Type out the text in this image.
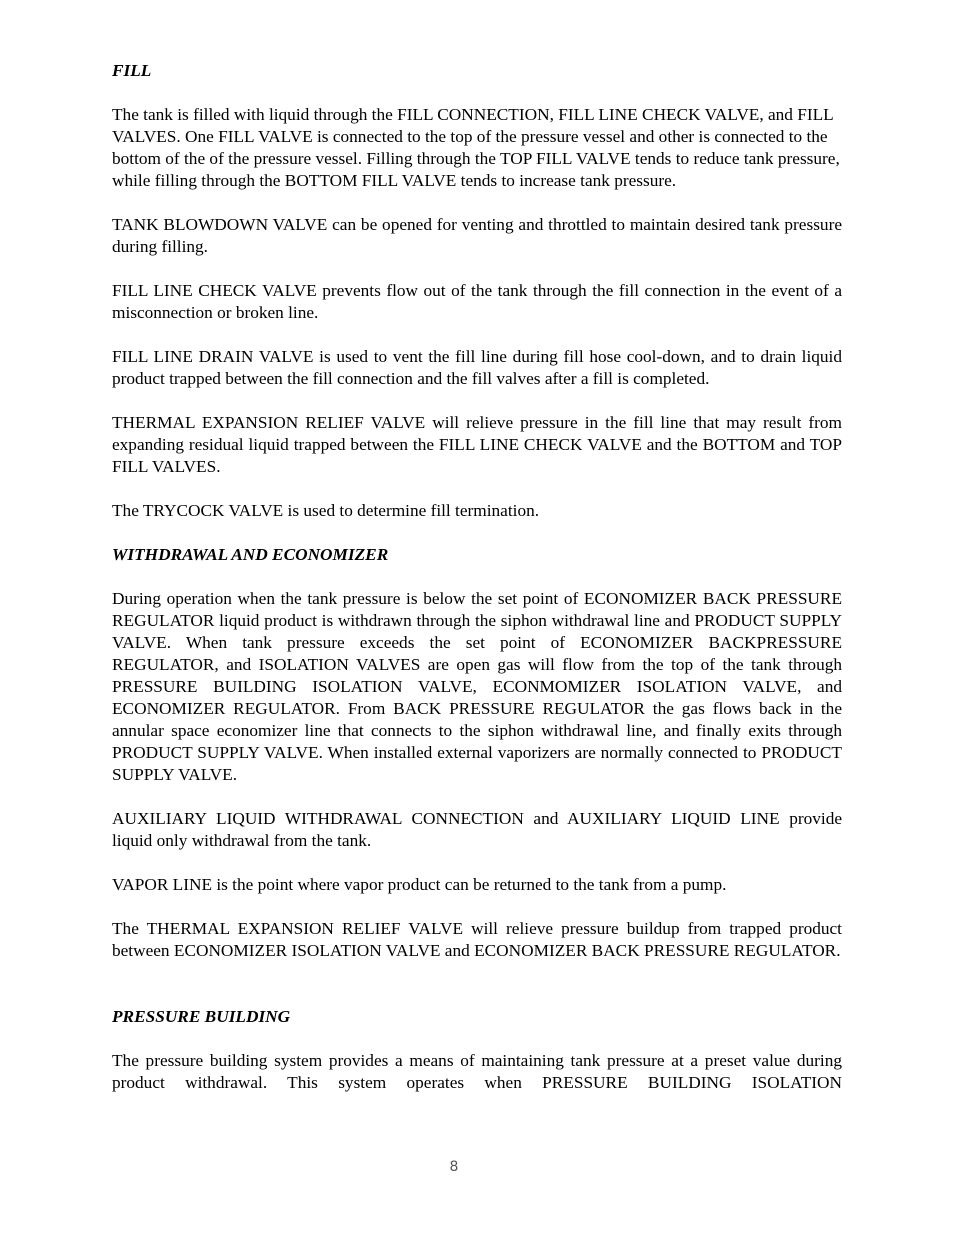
FILL

The tank is filled with liquid through the FILL CONNECTION, FILL LINE CHECK VALVE, and FILL VALVES. One FILL VALVE is connected to the top of the pressure vessel and other is connected to the bottom of the of the pressure vessel. Filling through the TOP FILL VALVE tends to reduce tank pressure, while filling through the BOTTOM FILL VALVE tends to increase tank pressure.

TANK BLOWDOWN VALVE can be opened for venting and throttled to maintain desired tank pressure during filling.

FILL LINE CHECK VALVE prevents flow out of the tank through the fill connection in the event of a misconnection or broken line.

FILL LINE DRAIN VALVE is used to vent the fill line during fill hose cool-down, and to drain liquid product trapped between the fill connection and the fill valves after a fill is completed.

THERMAL EXPANSION RELIEF VALVE will relieve pressure in the fill line that may result from expanding residual liquid trapped between the FILL LINE CHECK VALVE and the BOTTOM and TOP FILL VALVES.

The TRYCOCK VALVE is used to determine fill termination.

WITHDRAWAL AND ECONOMIZER

During operation when the tank pressure is below the set point of ECONOMIZER BACK PRESSURE REGULATOR liquid product is withdrawn through the siphon withdrawal line and PRODUCT SUPPLY VALVE. When tank pressure exceeds the set point of ECONOMIZER BACKPRESSURE REGULATOR, and ISOLATION VALVES are open gas will flow from the top of the tank through PRESSURE BUILDING ISOLATION VALVE, ECONMOMIZER ISOLATION VALVE, and ECONOMIZER REGULATOR. From BACK PRESSURE REGULATOR the gas flows back in the annular space economizer line that connects to the siphon withdrawal line, and finally exits through PRODUCT SUPPLY VALVE. When installed external vaporizers are normally connected to PRODUCT SUPPLY VALVE.

AUXILIARY LIQUID WITHDRAWAL CONNECTION and AUXILIARY LIQUID LINE provide liquid only withdrawal from the tank.

VAPOR LINE is the point where vapor product can be returned to the tank from a pump.

The THERMAL EXPANSION RELIEF VALVE will relieve pressure buildup from trapped product between ECONOMIZER ISOLATION VALVE and ECONOMIZER BACK PRESSURE REGULATOR.

PRESSURE BUILDING

The pressure building system provides a means of maintaining tank pressure at a preset value during product withdrawal. This system operates when PRESSURE BUILDING ISOLATION

8
